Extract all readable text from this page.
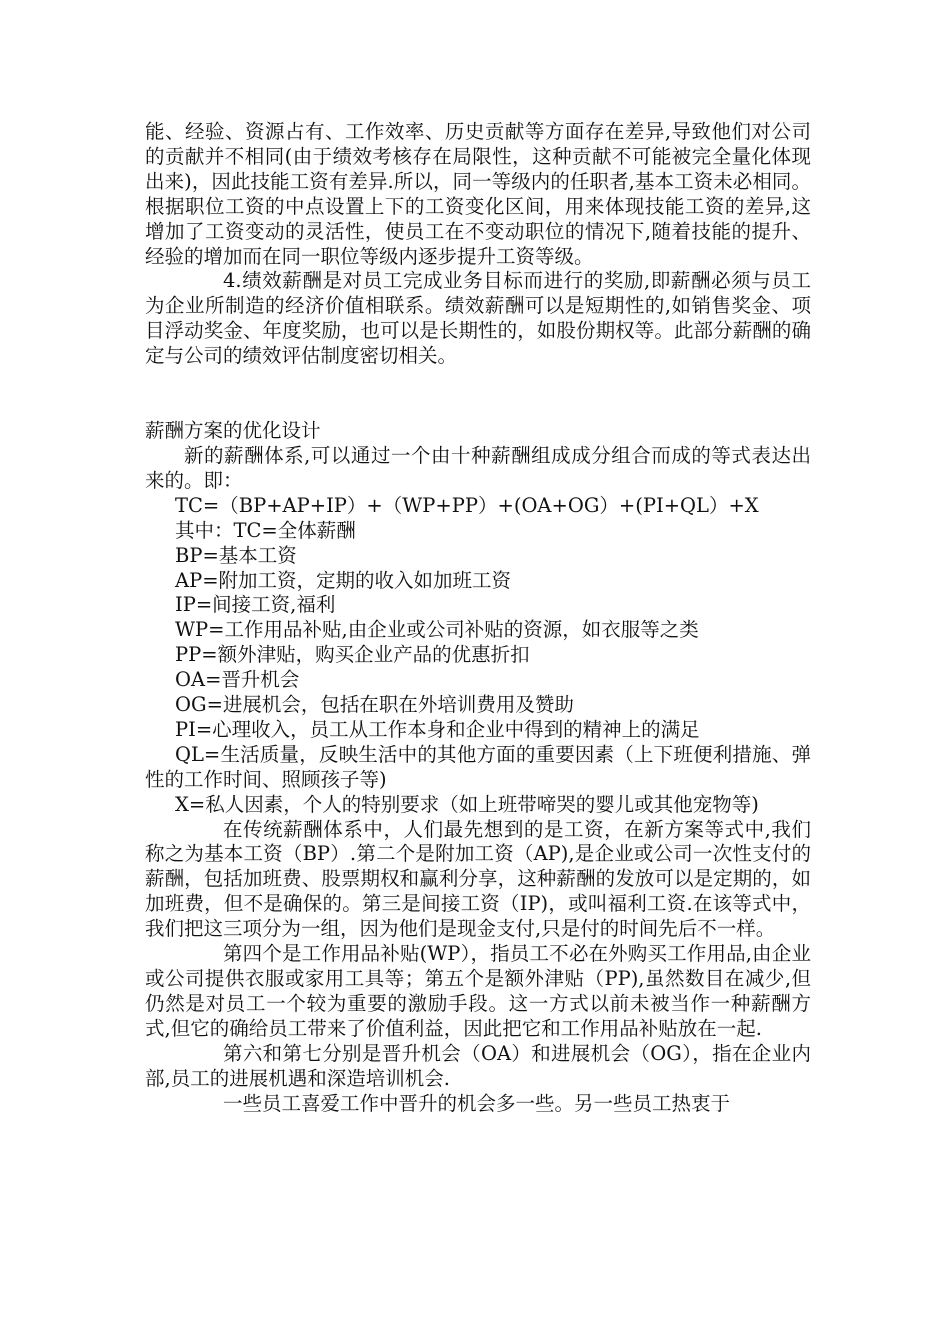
能、经验、资源占有、工作效率、历史贡献等方面存在差异,导致他们对公司的贡献并不相同(由于绩效考核存在局限性，这种贡献不可能被完全量化体现出来)，因此技能工资有差异.所以，同一等级内的任职者,基本工资未必相同。根据职位工资的中点设置上下的工资变化区间，用来体现技能工资的差异,这增加了工资变动的灵活性，使员工在不变动职位的情况下,随着技能的提升、经验的增加而在同一职位等级内逐步提升工资等级。

4.绩效薪酬是对员工完成业务目标而进行的奖励,即薪酬必须与员工为企业所制造的经济价值相联系。绩效薪酬可以是短期性的,如销售奖金、项目浮动奖金、年度奖励，也可以是长期性的，如股份期权等。此部分薪酬的确定与公司的绩效评估制度密切相关。

薪酬方案的优化设计

新的薪酬体系,可以通过一个由十种薪酬组成成分组合而成的等式表达出来的。即：

TC=（BP+AP+IP）+（WP+PP）+(OA+OG）+(PI+QL）+X

其中：TC=全体薪酬

BP=基本工资

AP=附加工资，定期的收入如加班工资

IP=间接工资,福利

WP=工作用品补贴,由企业或公司补贴的资源，如衣服等之类

PP=额外津贴，购买企业产品的优惠折扣

OA=晋升机会

OG=进展机会，包括在职在外培训费用及赞助

PI=心理收入，员工从工作本身和企业中得到的精神上的满足

QL=生活质量，反映生活中的其他方面的重要因素（上下班便利措施、弹性的工作时间、照顾孩子等)

X=私人因素，个人的特别要求（如上班带啼哭的婴儿或其他宠物等)

在传统薪酬体系中，人们最先想到的是工资，在新方案等式中,我们称之为基本工资（BP）.第二个是附加工资（AP),是企业或公司一次性支付的薪酬，包括加班费、股票期权和赢利分享，这种薪酬的发放可以是定期的，如加班费，但不是确保的。第三是间接工资（IP)，或叫福利工资.在该等式中，我们把这三项分为一组，因为他们是现金支付,只是付的时间先后不一样。

第四个是工作用品补贴(WP），指员工不必在外购买工作用品,由企业或公司提供衣服或家用工具等；第五个是额外津贴（PP),虽然数目在减少,但仍然是对员工一个较为重要的激励手段。这一方式以前未被当作一种薪酬方式,但它的确给员工带来了价值利益，因此把它和工作用品补贴放在一起.

第六和第七分别是晋升机会（OA）和进展机会（OG），指在企业内部,员工的进展机遇和深造培训机会.

一些员工喜爱工作中晋升的机会多一些。另一些员工热衷于
